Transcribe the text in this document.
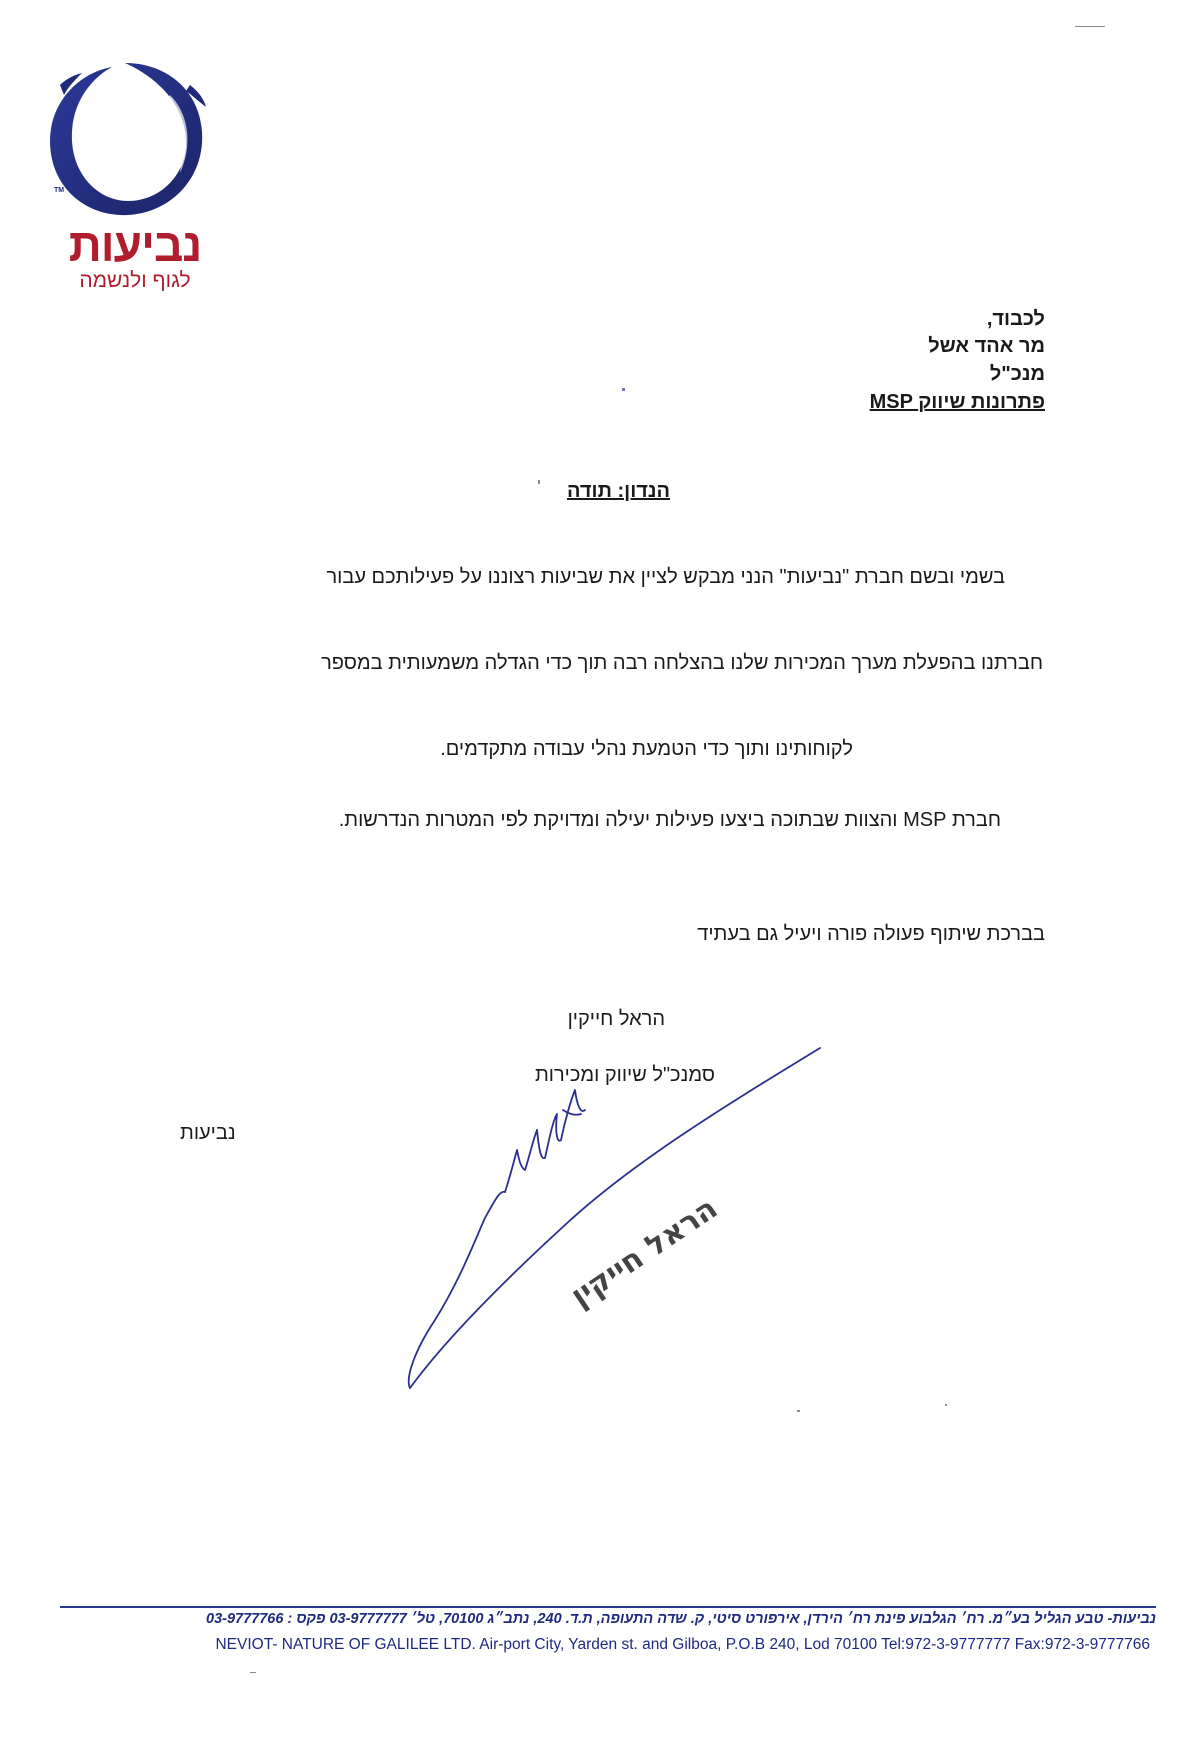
TM
נביעות
לגוף ולנשמה
לכבוד,
מר אהד אשל
מנכ"ל
MSP פתרונות שיווק
הנדון: תודה
בשמי ובשם חברת "נביעות" הנני מבקש לציין את שביעות רצוננו על פעילותכם עבור
חברתנו בהפעלת מערך המכירות שלנו בהצלחה רבה תוך כדי הגדלה משמעותית במספר
לקוחותינו ותוך כדי הטמעת נהלי עבודה מתקדמים.
חברת MSP והצוות שבתוכה ביצעו פעילות יעילה ומדויקת לפי המטרות הנדרשות.
בברכת שיתוף פעולה פורה ויעיל גם בעתיד
הראל חייקין
סמנכ"ל שיווק ומכירות
נביעות
הראל חייקין
נביעות- טבע הגליל בע״מ. רח׳ הגלבוע פינת רח׳ הירדן, אירפורט סיטי, ק. שדה התעופה, ת.ד. 240, נתב״ג 70100, טל׳ 03-9777777 פקס : 03-9777766
NEVIOT- NATURE OF GALILEE LTD. Air-port City, Yarden st. and Gilboa, P.O.B 240, Lod 70100 Tel:972-3-9777777 Fax:972-3-9777766
